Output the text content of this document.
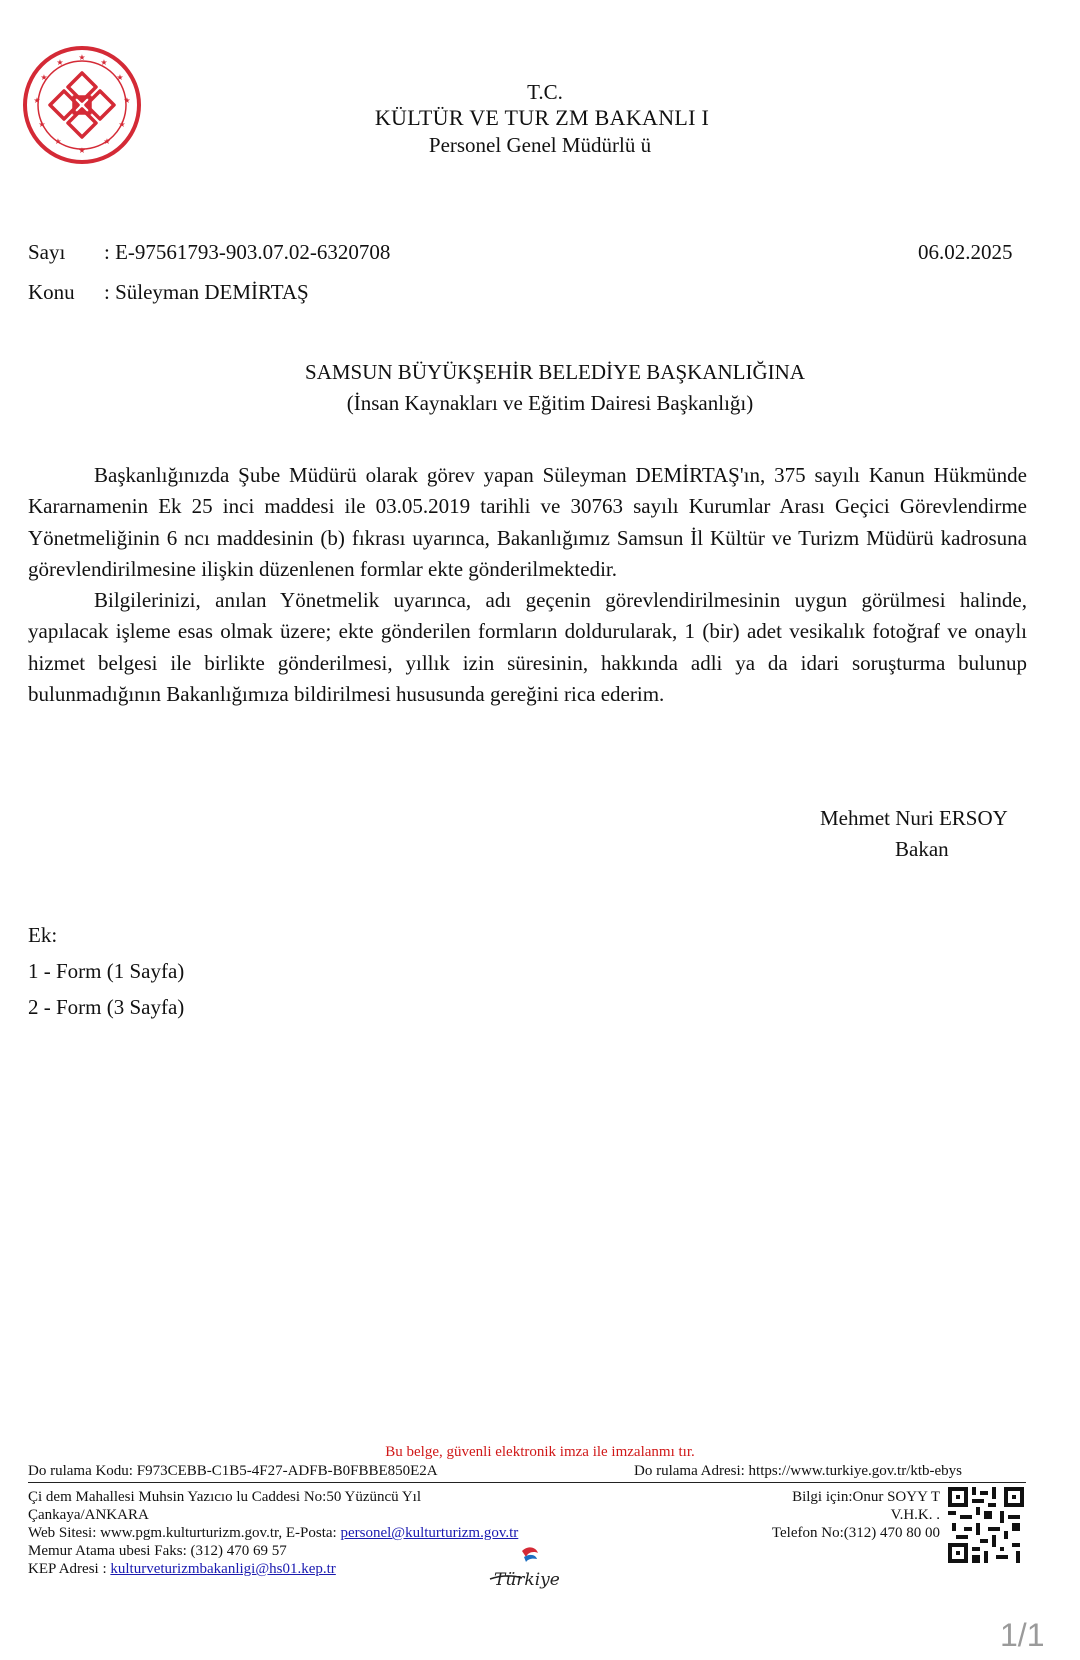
★
★
★
★
★
★
★
★
★
★
★
★
T.C.
KÜLTÜR VE TUR ZM BAKANLI I
Personel Genel Müdürlü ü
Sayı : E-97561793-903.07.02-6320708	06.02.2025
Konu : Süleyman DEMİRTAŞ
SAMSUN BÜYÜKŞEHİR BELEDİYE BAŞKANLIĞINA
(İnsan Kaynakları ve Eğitim Dairesi Başkanlığı)

Başkanlığınızda Şube Müdürü olarak görev yapan Süleyman DEMİRTAŞ'ın, 375 sayılı Kanun Hükmünde Kararnamenin Ek 25 inci maddesi ile 03.05.2019 tarihli ve 30763 sayılı Kurumlar Arası Geçici Görevlendirme Yönetmeliğinin 6 ncı maddesinin (b) fıkrası uyarınca, Bakanlığımız Samsun İl Kültür ve Turizm Müdürü kadrosuna görevlendirilmesine ilişkin düzenlenen formlar ekte gönderilmektedir.

Bilgilerinizi, anılan Yönetmelik uyarınca, adı geçenin görevlendirilmesinin uygun görülmesi halinde, yapılacak işleme esas olmak üzere; ekte gönderilen formların doldurularak, 1 (bir) adet vesikalık fotoğraf ve onaylı hizmet belgesi ile birlikte gönderilmesi, yıllık izin süresinin, hakkında adli ya da idari soruşturma bulunup bulunmadığının Bakanlığımıza bildirilmesi hususunda gereğini rica ederim.

Mehmet Nuri ERSOY
Bakan
Ek:
1 - Form (1 Sayfa)
2 - Form (3 Sayfa)
Bu belge, güvenli elektronik imza ile imzalanmı tır.
Do rulama Kodu: F973CEBB-C1B5-4F27-ADFB-B0FBBE850E2A	Do rulama Adresi: https://www.turkiye.gov.tr/ktb-ebys
Çi dem Mahallesi Muhsin Yazıcıo lu Caddesi No:50 Yüzüncü Yıl
Çankaya/ANKARA
Web Sitesi: www.pgm.kulturturizm.gov.tr, E-Posta: personel@kulturturizm.gov.tr
Memur Atama ubesi Faks: (312) 470 69 57
KEP Adresi : kulturveturizmbakanligi@hs01.kep.tr
Bilgi için:Onur SOYY T
V.H.K. .
Telefon No:(312) 470 80 00
Türkiye
1/1
